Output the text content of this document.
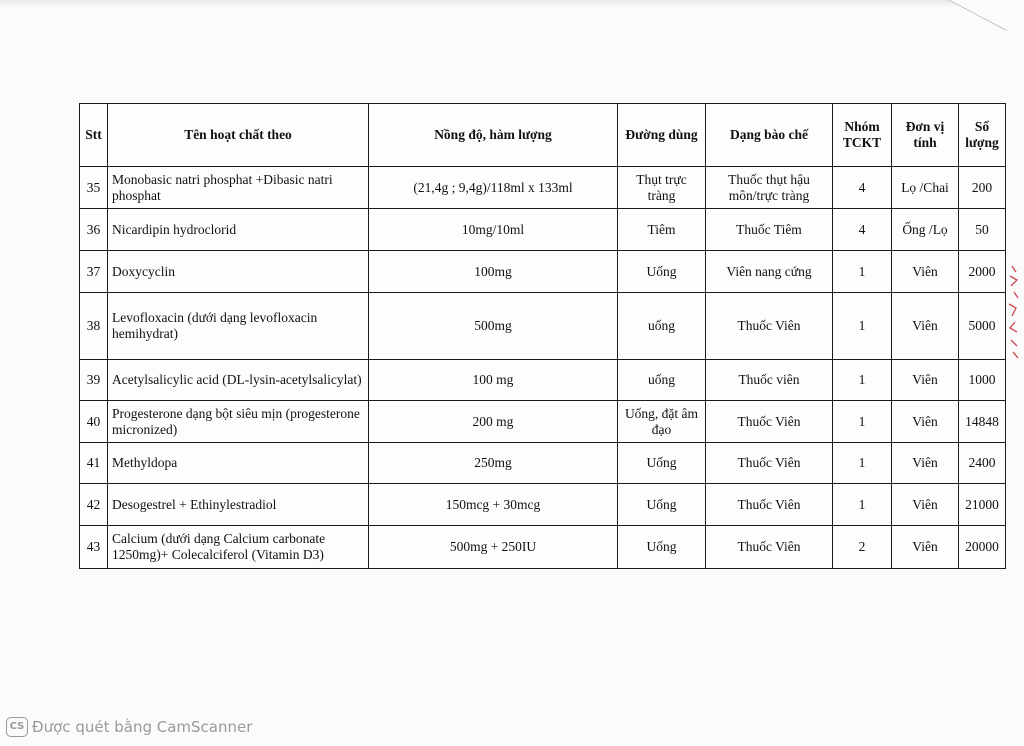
Stt	Tên hoạt chất theo	Nồng độ, hàm lượng	Đường dùng	Dạng bào chế	Nhóm TCKT	Đơn vị tính	Số lượng
35	Monobasic natri phosphat +Dibasic natri phosphat	(21,4g ; 9,4g)/118ml x 133ml	Thụt trực tràng	Thuốc thụt hậu môn/trực tràng	4	Lọ /Chai	200
36	Nicardipin hydroclorid	10mg/10ml	Tiêm	Thuốc Tiêm	4	Ống /Lọ	50
37	Doxycyclin	100mg	Uống	Viên nang cứng	1	Viên	2000
38	Levofloxacin (dưới dạng levofloxacin hemihydrat)	500mg	uống	Thuốc Viên	1	Viên	5000
39	Acetylsalicylic acid (DL-lysin-acetylsalicylat)	100 mg	uống	Thuốc viên	1	Viên	1000
40	Progesterone dạng bột siêu mịn (progesterone micronized)	200 mg	Uống, đặt âm đạo	Thuốc Viên	1	Viên	14848
41	Methyldopa	250mg	Uống	Thuốc Viên	1	Viên	2400
42	Desogestrel + Ethinylestradiol	150mcg + 30mcg	Uống	Thuốc Viên	1	Viên	21000
43	Calcium (dưới dạng Calcium carbonate 1250mg)+ Colecalciferol (Vitamin D3)	500mg + 250IU	Uống	Thuốc Viên	2	Viên	20000
CS Được quét bằng CamScanner
